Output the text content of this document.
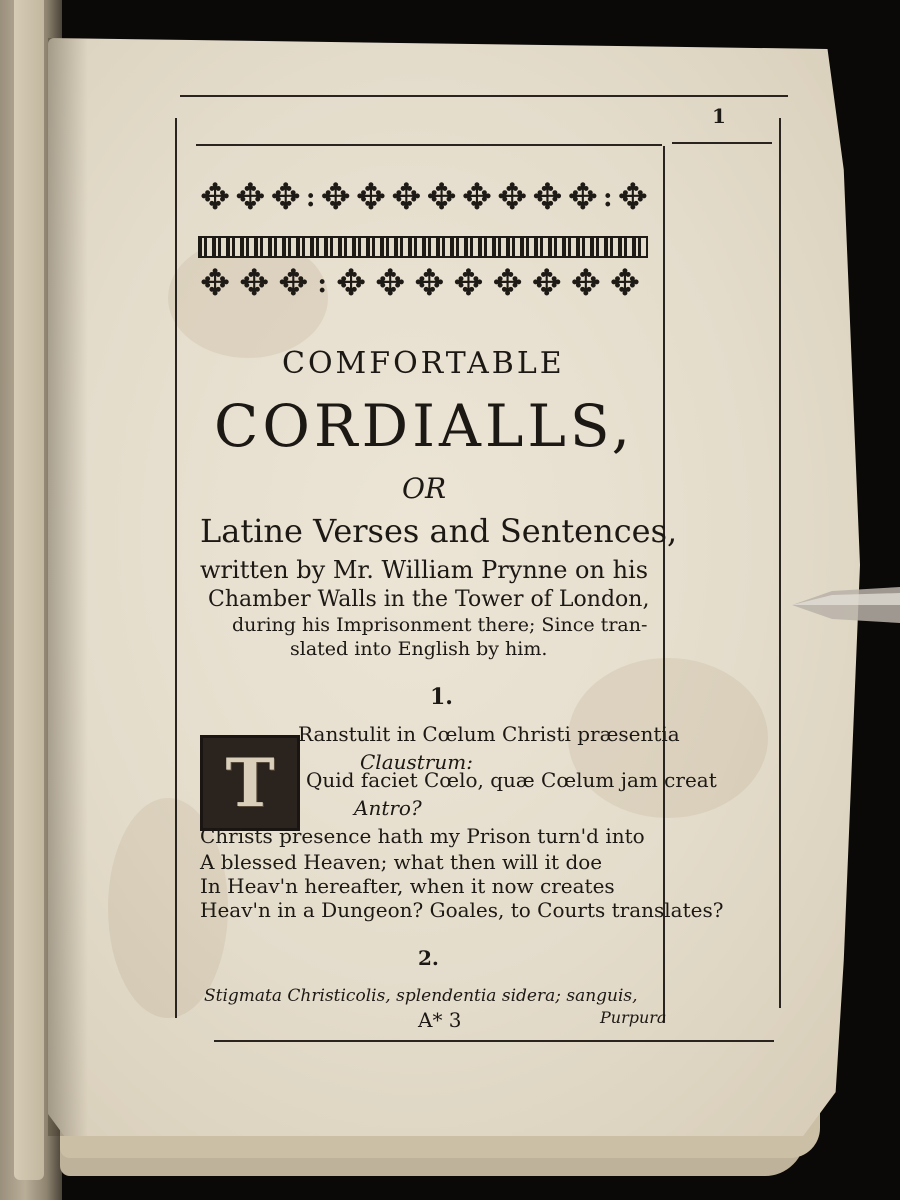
1
✥ ✥ ✥ : ✥ ✥ ✥ ✥ ✥ ✥ ✥ ✥ : ✥
✥ ✥ ✥ : ✥ ✥ ✥ ✥ ✥ ✥ ✥ ✥
COMFORTABLE
CORDIALLS,
OR
Latine Verses and Sentences,
written by Mr. William Prynne on his
Chamber Walls in the Tower of London,
during his Imprisonment there; Since tran-
slated into English by him.
1.
T
Ranstulit in Cœlum Christi præsentia
Claustrum:
Quid faciet Cœlo, quæ Cœlum jam creat
Antro?
Christs presence hath my Prison turn'd into
A blessed Heaven; what then will it doe
In Heav'n hereafter, when it now creates
Heav'n in a Dungeon? Goales, to Courts translates?
2.
Stigmata Christicolis, splendentia sidera; sanguis,
A* 3	Purpura
